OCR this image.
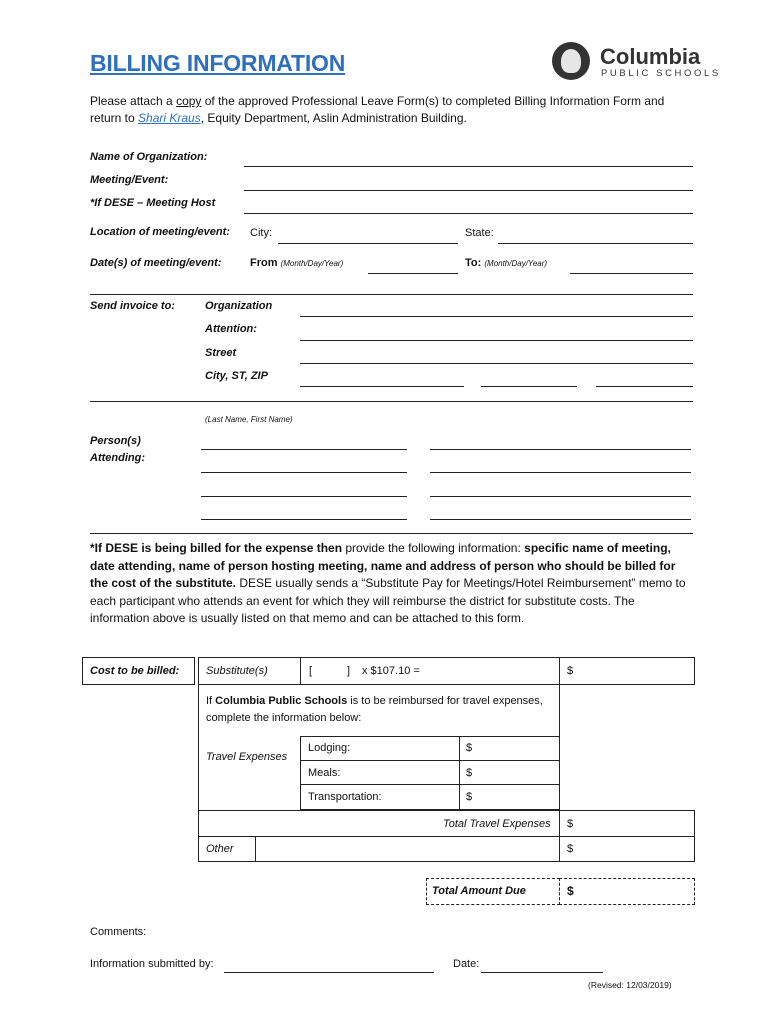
BILLING INFORMATION	Columbia
PUBLIC SCHOOLS
Please attach a copy of the approved Professional Leave Form(s) to completed Billing Information Form and return to Shari Kraus, Equity Department, Aslin Administration Building.
Name of Organization:
Meeting/Event:
*If DESE – Meeting Host
Location of meeting/event: City:	State:
Date(s) of meeting/event:	From (Month/Day/Year)	To: (Month/Day/Year)
Send invoice to:	Organization
Attention:
Street
City, ST, ZIP
(Last Name, First Name)
Person(s)
Attending:
*If DESE is being billed for the expense then provide the following information: specific name of meeting, date attending, name of person hosting meeting, name and address of person who should be billed for the cost of the substitute. DESE usually sends a “Substitute Pay for Meetings/Hotel Reimbursement” memo to each participant who attends an event for which they will reimburse the district for substitute costs. The information above is usually listed on that memo and can be attached to this form.
Cost to be billed: Substitute(s)	[	] x $107.10 =	$
If Columbia Public Schools is to be reimbursed for travel expenses, complete the information below:
Travel Expenses
Lodging:	$
Meals:	$
Transportation:	$
Total Travel Expenses $
Other	$
Total Amount Due	$
Comments:
Information submitted by:	Date:
(Revised: 12/03/2019)
